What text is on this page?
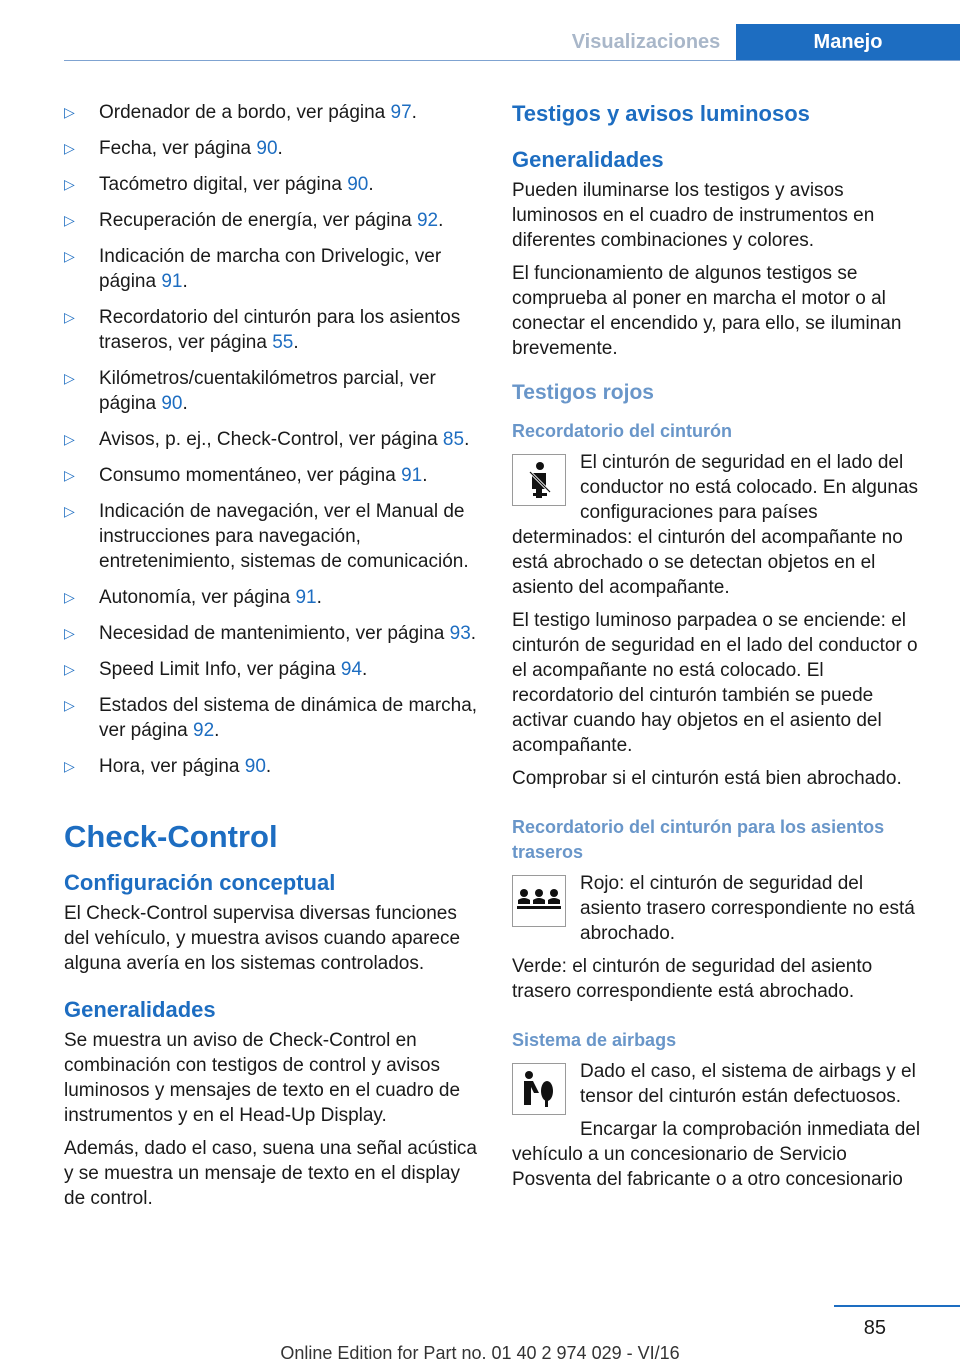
Visualizaciones	Manejo
▷ Ordenador de a bordo, ver página 97.
▷ Fecha, ver página 90.
▷ Tacómetro digital, ver página 90.
▷ Recuperación de energía, ver página 92.
▷ Indicación de marcha con Drivelogic, ver página 91.
▷ Recordatorio del cinturón para los asientos traseros, ver página 55.
▷ Kilómetros/cuentakilómetros parcial, ver página 90.
▷ Avisos, p. ej., Check-Control, ver página 85.
▷ Consumo momentáneo, ver página 91.
▷ Indicación de navegación, ver el Manual de instrucciones para navegación, entretenimiento, sistemas de comunicación.
▷ Autonomía, ver página 91.
▷ Necesidad de mantenimiento, ver página 93.
▷ Speed Limit Info, ver página 94.
▷ Estados del sistema de dinámica de marcha, ver página 92.
▷ Hora, ver página 90.
Check-Control
Configuración conceptual

El Check-Control supervisa diversas funciones del vehículo, y muestra avisos cuando aparece alguna avería en los sistemas controlados.

Generalidades

Se muestra un aviso de Check-Control en combinación con testigos de control y avisos luminosos y mensajes de texto en el cuadro de instrumentos y en el Head-Up Display.

Además, dado el caso, suena una señal acústica y se muestra un mensaje de texto en el display de control.

Testigos y avisos luminosos
Generalidades

Pueden iluminarse los testigos y avisos luminosos en el cuadro de instrumentos en diferentes combinaciones y colores.

El funcionamiento de algunos testigos se comprueba al poner en marcha el motor o al conectar el encendido y, para ello, se iluminan brevemente.

Testigos rojos
Recordatorio del cinturón

El cinturón de seguridad en el lado del conductor no está colocado. En algunas configuraciones para países determinados: el cinturón del acompañante no está abrochado o se detectan objetos en el asiento del acompañante.

El testigo luminoso parpadea o se enciende: el cinturón de seguridad en el lado del conductor o el acompañante no está colocado. El recordatorio del cinturón también se puede activar cuando hay objetos en el asiento del acompañante.

Comprobar si el cinturón está bien abrochado.

Recordatorio del cinturón para los asientos traseros

Rojo: el cinturón de seguridad del asiento trasero correspondiente no está abrochado.

Verde: el cinturón de seguridad del asiento trasero correspondiente está abrochado.

Sistema de airbags

Dado el caso, el sistema de airbags y el tensor del cinturón están defectuosos.

Encargar la comprobación inmediata del vehículo a un concesionario de Servicio Posventa del fabricante o a otro concesionario

85
Online Edition for Part no. 01 40 2 974 029 - VI/16
